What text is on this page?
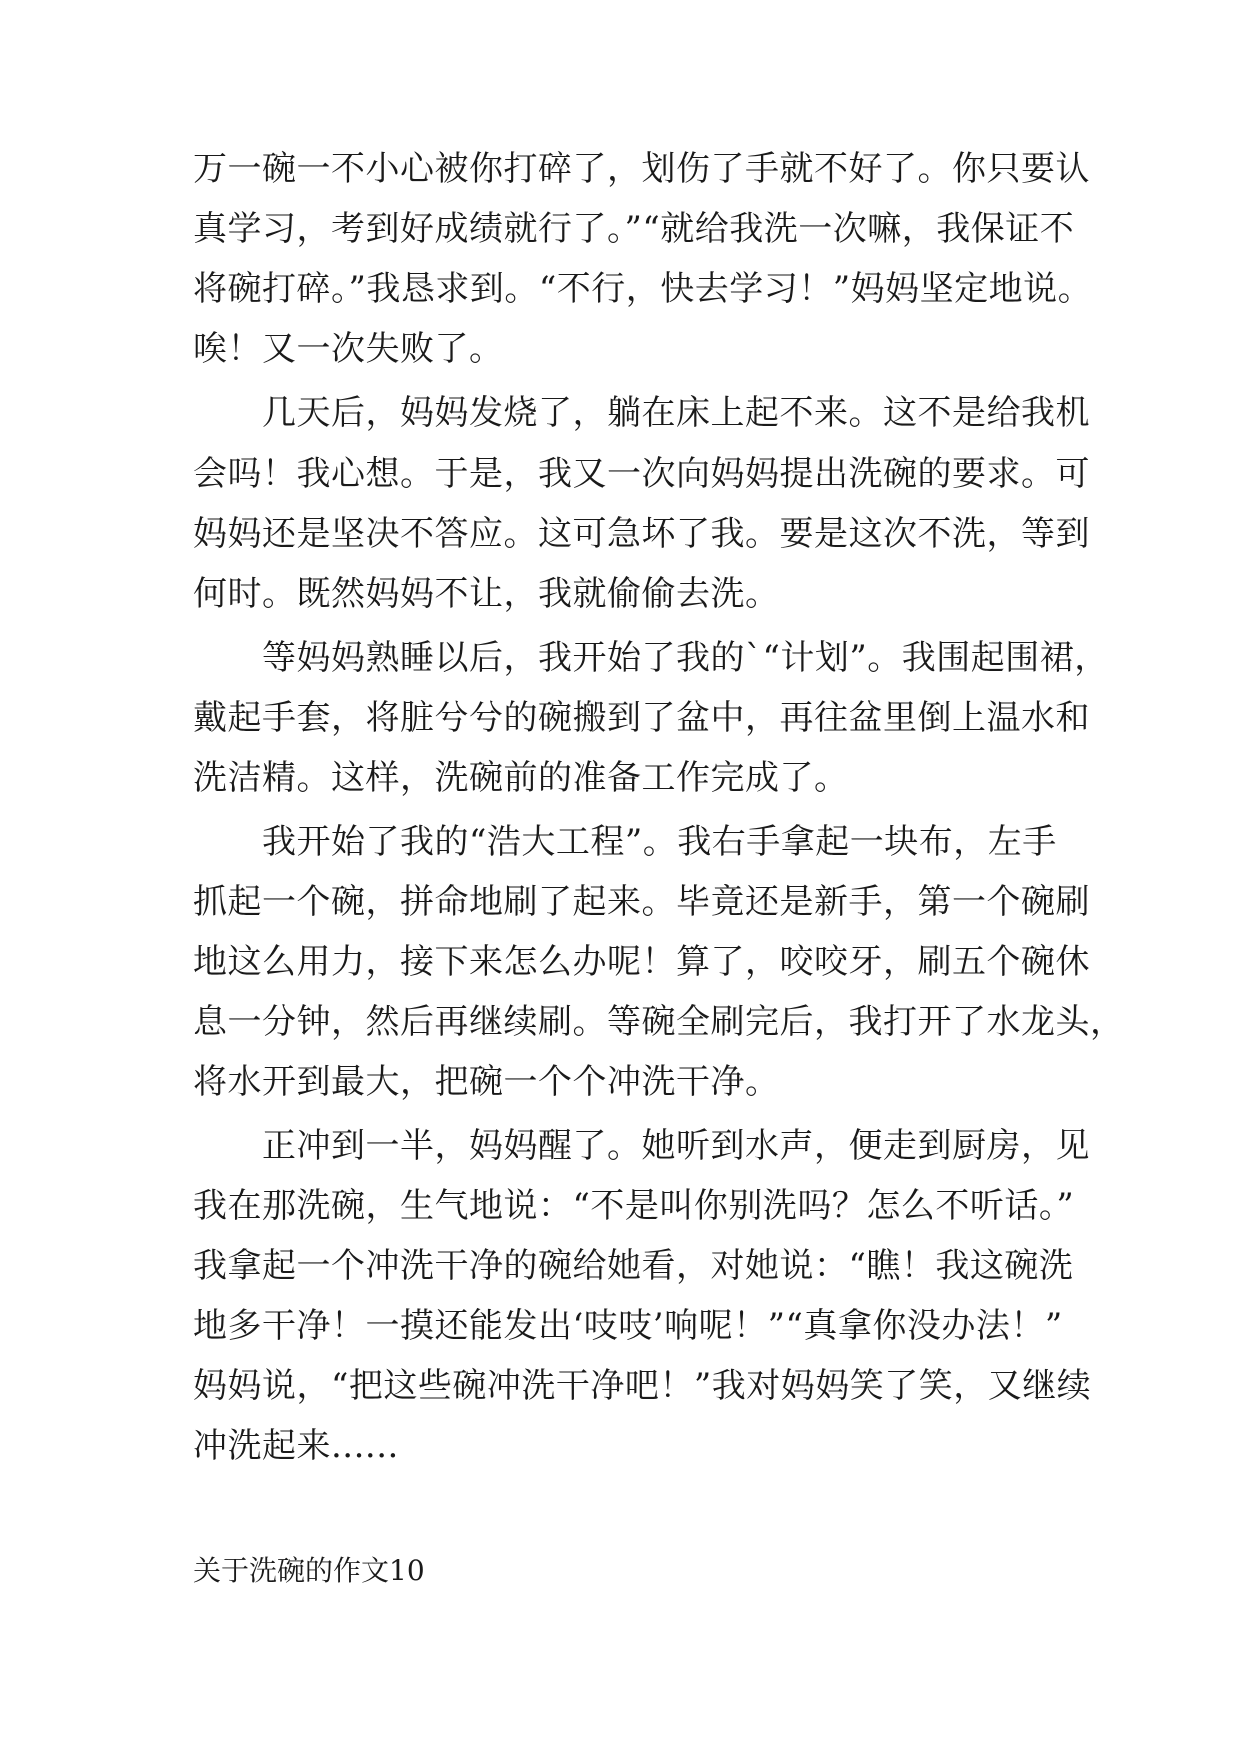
万一碗一不小心被你打碎了，划伤了手就不好了。你只要认
真学习，考到好成绩就行了。”“就给我洗一次嘛，我保证不
将碗打碎。”我恳求到。“不行，快去学习！”妈妈坚定地说。
唉！又一次失败了。
　　几天后，妈妈发烧了，躺在床上起不来。这不是给我机
会吗！我心想。于是，我又一次向妈妈提出洗碗的要求。可
妈妈还是坚决不答应。这可急坏了我。要是这次不洗，等到
何时。既然妈妈不让，我就偷偷去洗。
　　等妈妈熟睡以后，我开始了我的`“计划”。我围起围裙，
戴起手套，将脏兮兮的碗搬到了盆中，再往盆里倒上温水和
洗洁精。这样，洗碗前的准备工作完成了。
　　我开始了我的“浩大工程”。我右手拿起一块布，左手
抓起一个碗，拼命地刷了起来。毕竟还是新手，第一个碗刷
地这么用力，接下来怎么办呢！算了，咬咬牙，刷五个碗休
息一分钟，然后再继续刷。等碗全刷完后，我打开了水龙头，
将水开到最大，把碗一个个冲洗干净。
　　正冲到一半，妈妈醒了。她听到水声，便走到厨房，见
我在那洗碗，生气地说：“不是叫你别洗吗？怎么不听话。”
我拿起一个冲洗干净的碗给她看，对她说：“瞧！我这碗洗
地多干净！一摸还能发出‘吱吱’响呢！”“真拿你没办法！”
妈妈说，“把这些碗冲洗干净吧！”我对妈妈笑了笑，又继续
冲洗起来......
关于洗碗的作文10
